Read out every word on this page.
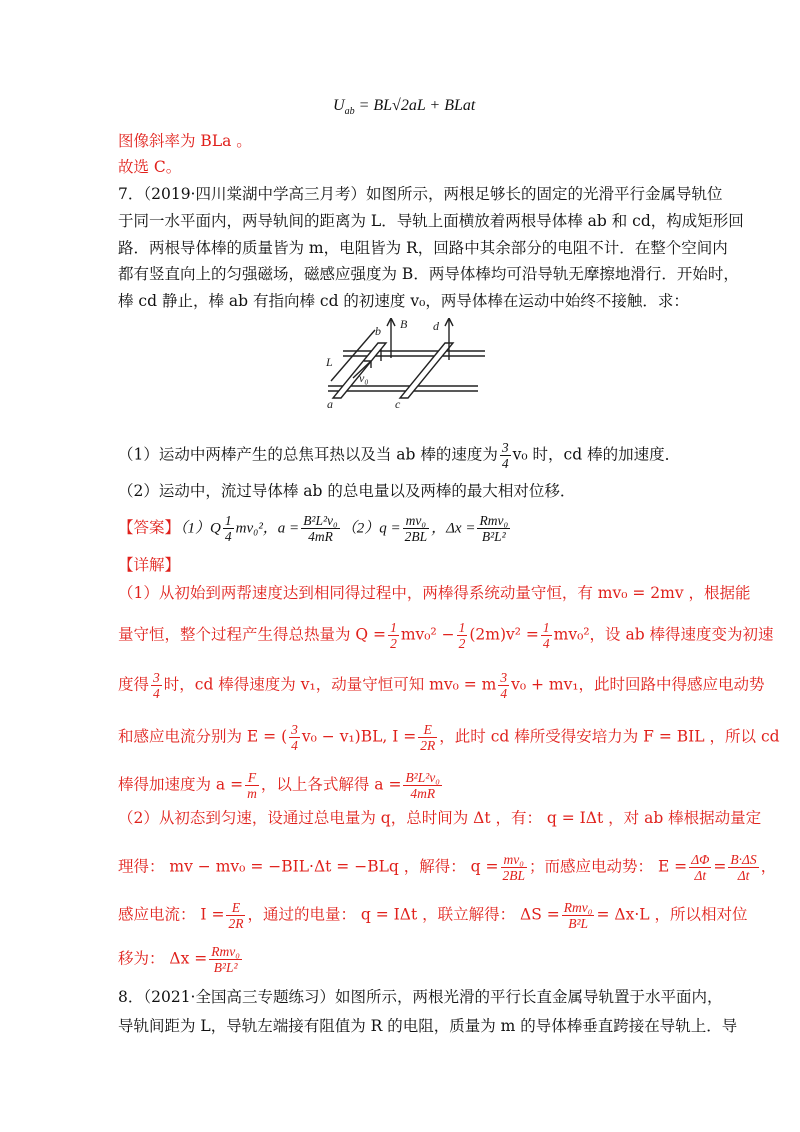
$U_{ab} = BL√2aL$ + BLat
图像斜率为 BLa 。
故选 C。
7．（2019·四川棠湖中学高三月考）如图所示，两根足够长的固定的光滑平行金属导轨位
于同一水平面内，两导轨间的距离为 L．导轨上面横放着两根导体棒 ab 和 cd，构成矩形回
路．两根导体棒的质量皆为 m，电阻皆为 R，回路中其余部分的电阻不计．在整个空间内
都有竖直向上的匀强磁场，磁感应强度为 B．两导体棒均可沿导轨无摩擦地滑行．开始时，
棒 cd 静止，棒 ab 有指向棒 cd 的初速度 v₀，两导体棒在运动中始终不接触．求：
b B d
L
v₀
a	c
（1）运动中两棒产生的总焦耳热以及当 ab 棒的速度为 $\frac{3}{4} v_0$ 时，cd 棒的加速度．
（2）运动中，流过导体棒 ab 的总电量以及两棒的最大相对位移．
【答案】$(1)Q \frac{1}{4} mv_0^2$，$a = \frac{\text{B²L²v₀}}{4mR} (2)q = \frac{\text{mv₀}}{2BL}$ ，$\Delta x = \frac{\text{Rmv₀}}{\text{B²L²}}$
【详解】
（1）从初始到两帮速度达到相同得过程中，两棒得系统动量守恒，有 mv₀ = 2mv ，根据能
量守恒，整个过程产生得总热量为 $Q = \frac{1}{2} mv_0^2 - \frac{1}{2} (2m)v^2 = \frac{1}{4} mv_0^2$，设 ab 棒得速度变为初速
度得 $\frac{3}{4}$ 时，cd 棒得速度为 v₁，动量守恒可知 mv₀ = m $\frac{3}{4} v_0 + mv_1$，此时回路中得感应电动势
和感应电流分别为 E = ( $\frac{3}{4} v_0 - v_1)BL$, $I = \frac{E}{2R}$ ，此时 cd 棒所受得安培力为 F = BIL ，所以 cd
棒得加速度为 $a = \frac{F}{m}$ ，以上各式解得 $a = \frac{\text{B²L²v₀}}{4mR}$
（2）从初态到匀速，设通过总电量为 q，总时间为 Δt ，有： q = IΔt ，对 ab 棒根据动量定
理得： mv − mv₀ = −BIL·Δt = −BLq ，解得： $q = \frac{\text{mv₀}}{2BL}$ ；而感应电动势： $E = \frac{\Delta\Phi}{\Delta t} = \frac{B\cdot\Delta S}{\Delta t}$ ，
感应电流： $I = \frac{E}{2R}$ ，通过的电量： q = IΔt ，联立解得： $\Delta S = \frac{\text{Rmv₀}}{\text{B²L}} = \Delta x\cdot L$ ，所以相对位
移为： $\Delta x = \frac{\text{Rmv₀}}{\text{B²L²}}$
8．（2021·全国高三专题练习）如图所示，两根光滑的平行长直金属导轨置于水平面内，
导轨间距为 L，导轨左端接有阻值为 R 的电阻，质量为 m 的导体棒垂直跨接在导轨上．导
